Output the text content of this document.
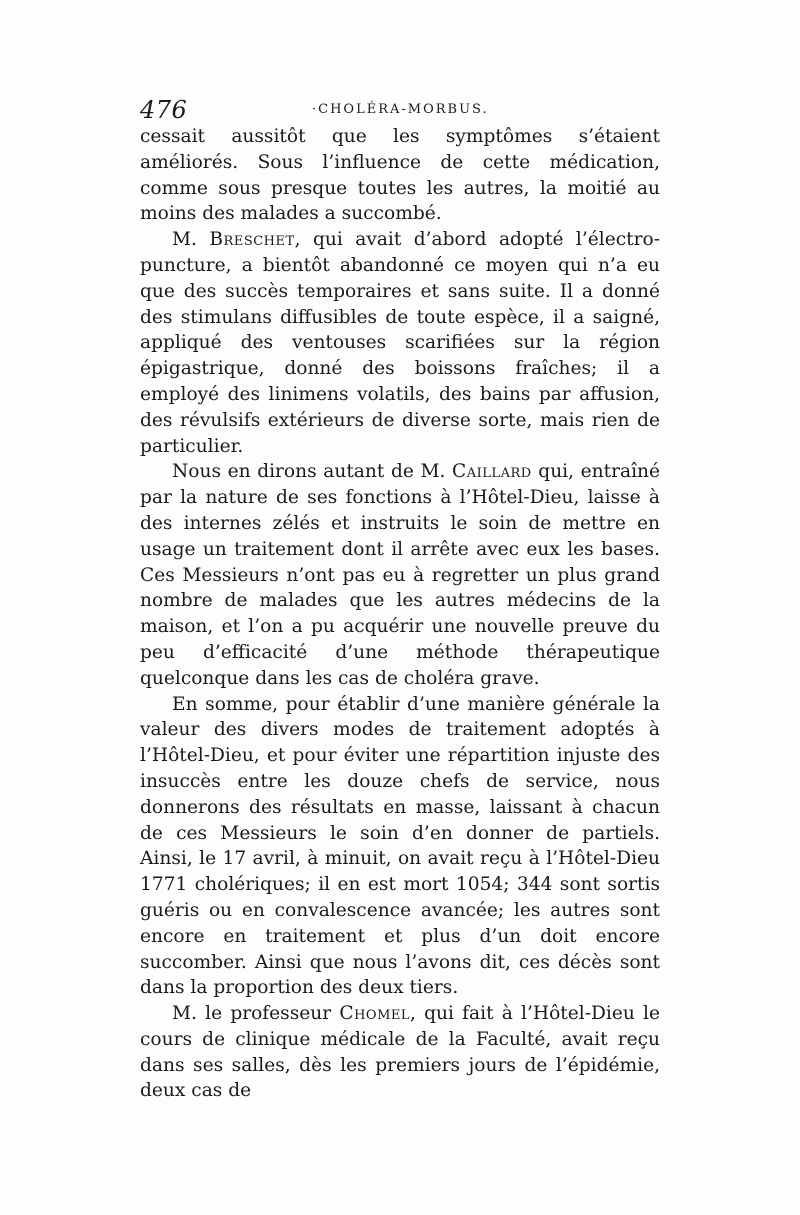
476	·CHOLÉRA-MORBUS.

cessait aussitôt que les symptômes s’étaient améliorés. Sous l’influence de cette médication, comme sous presque toutes les autres, la moitié au moins des malades a succombé.

M. Breschet, qui avait d’abord adopté l’électro-puncture, a bientôt abandonné ce moyen qui n’a eu que des succès temporaires et sans suite. Il a donné des stimulans diffusibles de toute espèce, il a saigné, appliqué des ventouses scarifiées sur la région épigastrique, donné des boissons fraîches; il a employé des linimens volatils, des bains par affusion, des révulsifs extérieurs de diverse sorte, mais rien de particulier.

Nous en dirons autant de M. Caillard qui, entraîné par la nature de ses fonctions à l’Hôtel-Dieu, laisse à des internes zélés et instruits le soin de mettre en usage un traitement dont il arrête avec eux les bases. Ces Messieurs n’ont pas eu à regretter un plus grand nombre de malades que les autres médecins de la maison, et l’on a pu acquérir une nouvelle preuve du peu d’efficacité d’une méthode thérapeutique quelconque dans les cas de choléra grave.

En somme, pour établir d’une manière générale la valeur des divers modes de traitement adoptés à l’Hôtel-Dieu, et pour éviter une répartition injuste des insuccès entre les douze chefs de service, nous donnerons des résultats en masse, laissant à chacun de ces Messieurs le soin d’en donner de partiels. Ainsi, le 17 avril, à minuit, on avait reçu à l’Hôtel-Dieu 1771 cholériques; il en est mort 1054; 344 sont sortis guéris ou en convalescence avancée; les autres sont encore en traitement et plus d’un doit encore succomber. Ainsi que nous l’avons dit, ces décès sont dans la proportion des deux tiers.

M. le professeur Chomel, qui fait à l’Hôtel-Dieu le cours de clinique médicale de la Faculté, avait reçu dans ses salles, dès les premiers jours de l’épidémie, deux cas de
